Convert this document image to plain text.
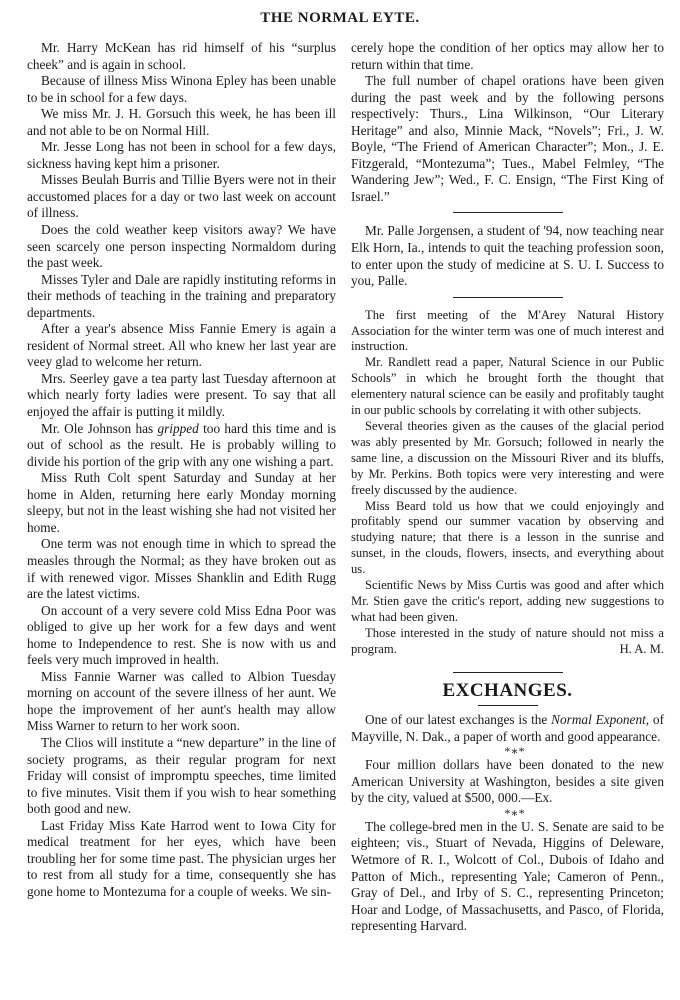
THE NORMAL EYTE.

Mr. Harry McKean has rid himself of his “surplus cheek” and is again in school.

Because of illness Miss Winona Epley has been unable to be in school for a few days.

We miss Mr. J. H. Gorsuch this week, he has been ill and not able to be on Normal Hill.

Mr. Jesse Long has not been in school for a few days, sickness having kept him a prisoner.

Misses Beulah Burris and Tillie Byers were not in their accustomed places for a day or two last week on account of illness.

Does the cold weather keep visitors away? We have seen scarcely one person inspecting Normaldom during the past week.

Misses Tyler and Dale are rapidly instituting reforms in their methods of teaching in the training and preparatory departments.

After a year's absence Miss Fannie Emery is again a resident of Normal street. All who knew her last year are veey glad to welcome her return.

Mrs. Seerley gave a tea party last Tuesday afternoon at which nearly forty ladies were present. To say that all enjoyed the affair is putting it mildly.

Mr. Ole Johnson has gripped too hard this time and is out of school as the result. He is probably willing to divide his portion of the grip with any one wishing a part.

Miss Ruth Colt spent Saturday and Sunday at her home in Alden, returning here early Monday morning sleepy, but not in the least wishing she had not visited her home.

One term was not enough time in which to spread the measles through the Normal; as they have broken out as if with renewed vigor. Misses Shanklin and Edith Rugg are the latest victims.

On account of a very severe cold Miss Edna Poor was obliged to give up her work for a few days and went home to Independence to rest. She is now with us and feels very much improved in health.

Miss Fannie Warner was called to Albion Tuesday morning on account of the severe illness of her aunt. We hope the improvement of her aunt's health may allow Miss Warner to return to her work soon.

The Clios will institute a “new departure” in the line of society programs, as their regular program for next Friday will consist of impromptu speeches, time limited to five minutes. Visit them if you wish to hear something both good and new.

Last Friday Miss Kate Harrod went to Iowa City for medical treatment for her eyes, which have been troubling her for some time past. The physician urges her to rest from all study for a time, consequently she has gone home to Montezuma for a couple of weeks. We sin-

cerely hope the condition of her optics may allow her to return within that time.

The full number of chapel orations have been given during the past week and by the following persons respectively: Thurs., Lina Wilkinson, “Our Literary Heritage” and also, Minnie Mack, “Novels”; Fri., J. W. Boyle, “The Friend of American Character”; Mon., J. E. Fitzgerald, “Montezuma”; Tues., Mabel Felmley, “The Wandering Jew”; Wed., F. C. Ensign, “The First King of Israel.”

Mr. Palle Jorgensen, a student of '94, now teaching near Elk Horn, Ia., intends to quit the teaching profession soon, to enter upon the study of medicine at S. U. I. Success to you, Palle.

The first meeting of the M'Arey Natural History Association for the winter term was one of much interest and instruction.

Mr. Randlett read a paper, Natural Science in our Public Schools” in which he brought forth the thought that elementery natural science can be easily and profitably taught in our public schools by correlating it with other subjects.

Several theories given as the causes of the glacial period was ably presented by Mr. Gorsuch; followed in nearly the same line, a discussion on the Missouri River and its bluffs, by Mr. Perkins. Both topics were very interesting and were freely discussed by the audience.

Miss Beard told us how that we could enjoyingly and profitably spend our summer vacation by observing and studying nature; that there is a lesson in the sunrise and sunset, in the clouds, flowers, insects, and everything about us.

Scientific News by Miss Curtis was good and after which Mr. Stien gave the critic's report, adding new suggestions to what had been given.

Those interested in the study of nature should not miss a program.	H. A. M.

EXCHANGES.

One of our latest exchanges is the Normal Exponent, of Mayville, N. Dak., a paper of worth and good appearance.

*∗*

Four million dollars have been donated to the new American University at Washington, besides a site given by the city, valued at $500, 000.—Ex.

*∗*

The college-bred men in the U. S. Senate are said to be eighteen; vis., Stuart of Nevada, Higgins of Deleware, Wetmore of R. I., Wolcott of Col., Dubois of Idaho and Patton of Mich., representing Yale; Cameron of Penn., Gray of Del., and Irby of S. C., representing Princeton; Hoar and Lodge, of Massachusetts, and Pasco, of Florida, representing Harvard.
